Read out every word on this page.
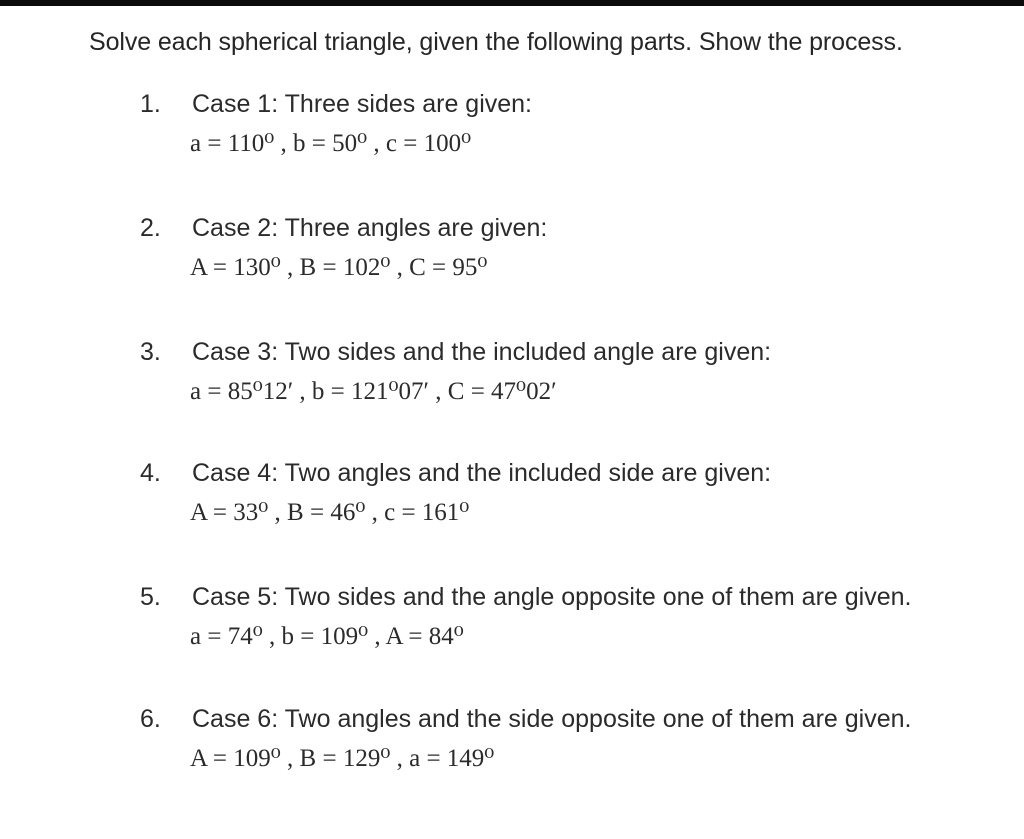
Solve each spherical triangle, given the following parts. Show the process.
1. Case 1: Three sides are given:
a = 110⁰ , b = 50⁰ , c = 100⁰
2. Case 2: Three angles are given:
A = 130⁰ , B = 102⁰ , C = 95⁰
3. Case 3: Two sides and the included angle are given:
a = 85⁰12′ , b = 121⁰07′ , C = 47⁰02′
4. Case 4: Two angles and the included side are given:
A = 33⁰ , B = 46⁰ , c = 161⁰
5. Case 5: Two sides and the angle opposite one of them are given.
a = 74⁰ , b = 109⁰ , A = 84⁰
6. Case 6: Two angles and the side opposite one of them are given.
A = 109⁰ , B = 129⁰ , a = 149⁰
